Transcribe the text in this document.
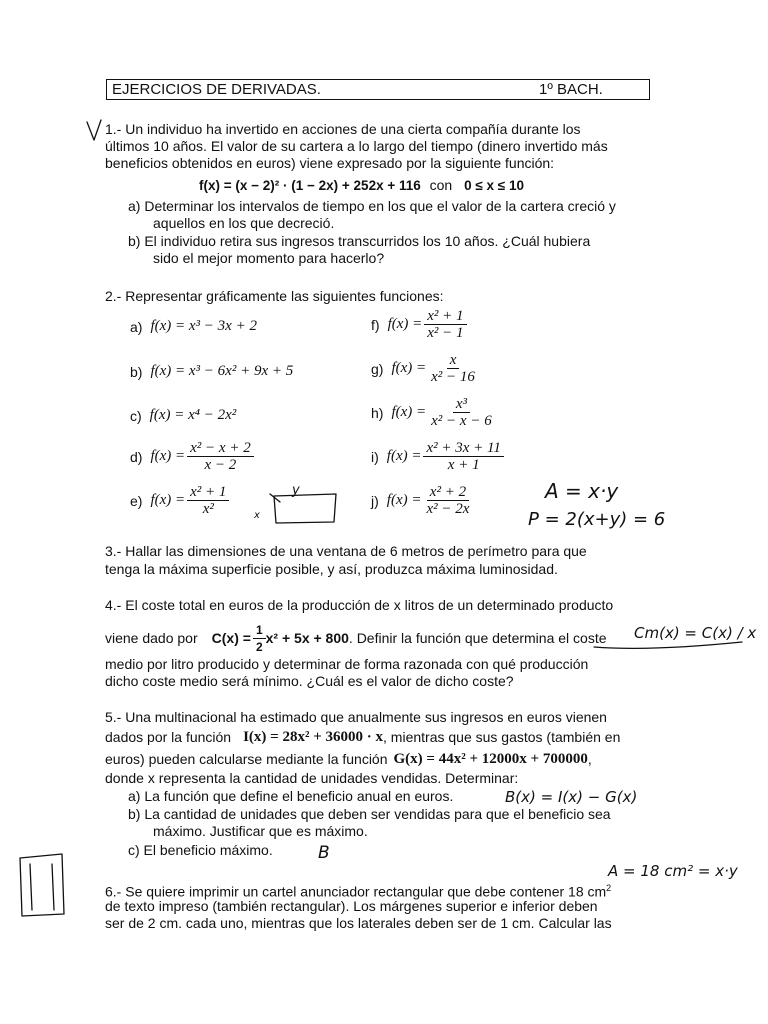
EJERCICIOS DE DERIVADAS.	1º BACH.
1.- Un individuo ha invertido en acciones de una cierta compañía durante los
últimos 10 años. El valor de su cartera a lo largo del tiempo (dinero invertido más
beneficios obtenidos en euros) viene expresado por la siguiente función:
f(x) = (x − 2)² · (1 − 2x) + 252x + 116 con 0 ≤ x ≤ 10
a) Determinar los intervalos de tiempo en los que el valor de la cartera creció y
aquellos en los que decreció.
b) El individuo retira sus ingresos transcurridos los 10 años. ¿Cuál hubiera
sido el mejor momento para hacerlo?
2.- Representar gráficamente las siguientes funciones:
a) f(x) = x³ − 3x + 2
b) f(x) = x³ − 6x² + 9x + 5
c) f(x) = x⁴ − 2x²
d) $f(x) = \frac{\text{x² − x + 2}}{x - 2}$
e) $f(x) = \frac{\text{x² + 1}}{\text{x²}}$
f) $f(x) = \frac{\text{x² + 1}}{\text{x² − 1}}$
g) $f(x) = \frac{x}{\text{x² − 16}}$
h) $f(x) = \frac{\text{x³}}{\text{x² − x − 6}}$
i) $f(x) = \frac{\text{x² + 3x + 11}}{x + 1}$
j) $f(x) = \frac{\text{x² + 2}}{\text{x² − 2x}}$
y
x
A = x·y
P = 2(x+y) = 6
3.- Hallar las dimensiones de una ventana de 6 metros de perímetro para que
tenga la máxima superficie posible, y así, produzca máxima luminosidad.
4.- El coste total en euros de la producción de x litros de un determinado producto
viene dado por $C(x) = \frac{1}{2} x^2 + 5x + 800$ . Definir la función que determina el coste
medio por litro producido y determinar de forma razonada con qué producción
dicho coste medio será mínimo. ¿Cuál es el valor de dicho coste?
Cm(x) = C(x) / x
5.- Una multinacional ha estimado que anualmente sus ingresos en euros vienen
dados por la función I(x) = 28x² + 36000 · x , mientras que sus gastos (también en
euros) pueden calcularse mediante la función G(x) = 44x² + 12000x + 700000 ,
donde x representa la cantidad de unidades vendidas. Determinar:
a) La función que define el beneficio anual en euros.
b) La cantidad de unidades que deben ser vendidas para que el beneficio sea
máximo. Justificar que es máximo.
c) El beneficio máximo.
B(x) = I(x) − G(x)
B
A = 18 cm² = x·y
6.- Se quiere imprimir un cartel anunciador rectangular que debe contener 18 $cm^2$
de texto impreso (también rectangular). Los márgenes superior e inferior deben
ser de 2 cm. cada uno, mientras que los laterales deben ser de 1 cm. Calcular las
